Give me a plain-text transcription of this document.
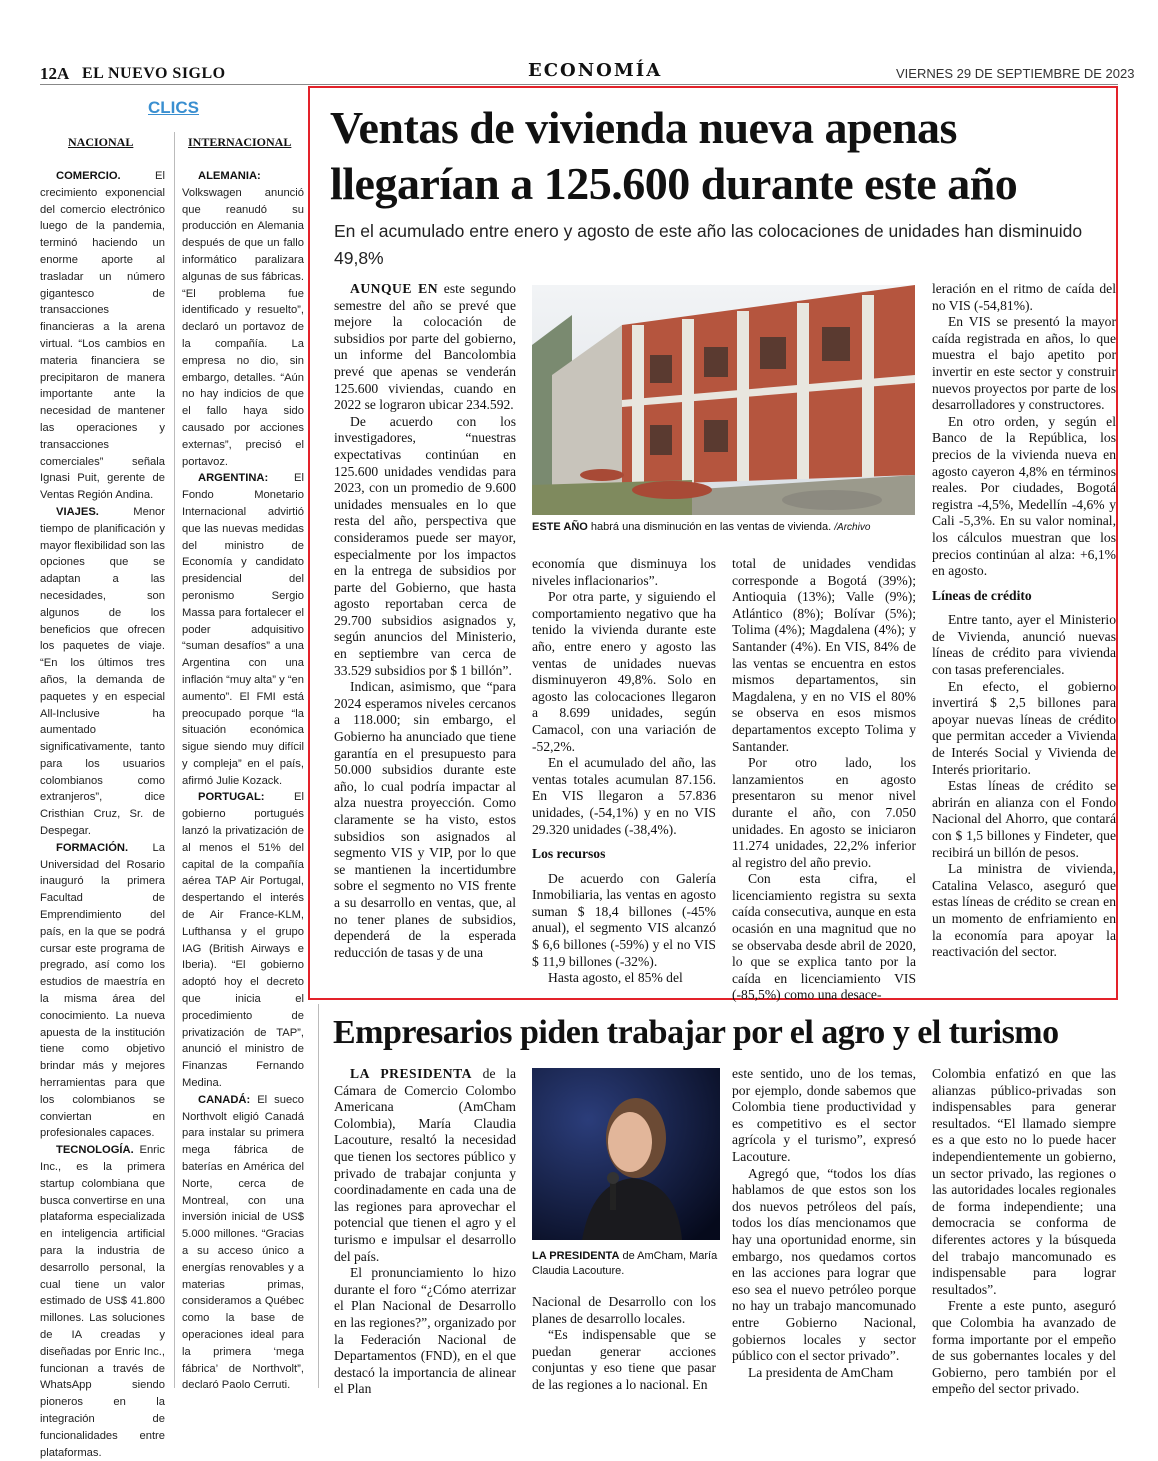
12A EL NUEVO SIGLO	ECONOMÍA	VIERNES 29 DE SEPTIEMBRE DE 2023
CLICS
NACIONAL	INTERNACIONAL
COMERCIO. El crecimiento exponencial del comercio electrónico luego de la pandemia, terminó haciendo un enorme aporte al trasladar un número gigantesco de transacciones financieras a la arena virtual. “Los cambios en materia financiera se precipitaron de manera importante ante la necesidad de mantener las operaciones y transacciones comerciales” señala Ignasi Puit, gerente de Ventas Región Andina.
VIAJES. Menor tiempo de planificación y mayor flexibilidad son las opciones que se adaptan a las necesidades, son algunos de los beneficios que ofrecen los paquetes de viaje. “En los últimos tres años, la demanda de paquetes y en especial All-Inclusive ha aumentado significativamente, tanto para los usuarios colombianos como extranjeros”, dice Cristhian Cruz, Sr. de Despegar.
FORMACIÓN. La Universidad del Rosario inauguró la primera Facultad de Emprendimiento del país, en la que se podrá cursar este programa de pregrado, así como los estudios de maestría en la misma área del conocimiento. La nueva apuesta de la institución tiene como objetivo brindar más y mejores herramientas para que los colombianos se conviertan en profesionales capaces.
TECNOLOGÍA. Enric Inc., es la primera startup colombiana que busca convertirse en una plataforma especializada en inteligencia artificial para la industria de desarrollo personal, la cual tiene un valor estimado de US$ 41.800 millones. Las soluciones de IA creadas y diseñadas por Enric Inc., funcionan a través de WhatsApp siendo pioneros en la integración de funcionalidades entre plataformas.
ALEMANIA: Volkswagen anunció que reanudó su producción en Alemania después de que un fallo informático paralizara algunas de sus fábricas. “El problema fue identificado y resuelto”, declaró un portavoz de la compañía. La empresa no dio, sin embargo, detalles. “Aún no hay indicios de que el fallo haya sido causado por acciones externas”, precisó el portavoz.
ARGENTINA: El Fondo Monetario Internacional advirtió que las nuevas medidas del ministro de Economía y candidato presidencial del peronismo Sergio Massa para fortalecer el poder adquisitivo “suman desafíos” a una Argentina con una inflación “muy alta” y “en aumento”. El FMI está preocupado porque “la situación económica sigue siendo muy difícil y compleja” en el país, afirmó Julie Kozack.
PORTUGAL: El gobierno portugués lanzó la privatización de al menos el 51% del capital de la compañía aérea TAP Air Portugal, despertando el interés de Air France-KLM, Lufthansa y el grupo IAG (British Airways e Iberia). “El gobierno adoptó hoy el decreto que inicia el procedimiento de privatización de TAP”, anunció el ministro de Finanzas Fernando Medina.
CANADÁ: El sueco Northvolt eligió Canadá para instalar su primera mega fábrica de baterías en América del Norte, cerca de Montreal, con una inversión inicial de US$ 5.000 millones. “Gracias a su acceso único a energías renovables y a materias primas, consideramos a Québec como la base de operaciones ideal para la primera ‘mega fábrica’ de Northvolt”, declaró Paolo Cerruti.
Ventas de vivienda nueva apenas llegarían a 125.600 durante este año
En el acumulado entre enero y agosto de este año las colocaciones de unidades han disminuido 49,8%

AUNQUE EN este segundo semestre del año se prevé que mejore la colocación de subsidios por parte del gobierno, un informe del Bancolombia prevé que apenas se venderán 125.600 viviendas, cuando en 2022 se lograron ubicar 234.592.

De acuerdo con los investigadores, “nuestras expectativas continúan en 125.600 unidades vendidas para 2023, con un promedio de 9.600 unidades mensuales en lo que resta del año, perspectiva que consideramos puede ser mayor, especialmente por los impactos en la entrega de subsidios por parte del Gobierno, que hasta agosto reportaban cerca de 29.700 subsidios asignados y, según anuncios del Ministerio, en septiembre van cerca de 33.529 subsidios por $ 1 billón”.

Indican, asimismo, que “para 2024 esperamos niveles cercanos a 118.000; sin embargo, el Gobierno ha anunciado que tiene garantía en el presupuesto para 50.000 subsidios durante este año, lo cual podría impactar al alza nuestra proyección. Como claramente se ha visto, estos subsidios son asignados al segmento VIS y VIP, por lo que se mantienen la incertidumbre sobre el segmento no VIS frente a su desarrollo en ventas, que, al no tener planes de subsidios, dependerá de la esperada reducción de tasas y de una

ESTE AÑO habrá una disminución en las ventas de vivienda. /Archivo

economía que disminuya los niveles inflacionarios”.

Por otra parte, y siguiendo el comportamiento negativo que ha tenido la vivienda durante este año, entre enero y agosto las ventas de unidades nuevas disminuyeron 49,8%. Solo en agosto las colocaciones llegaron a 8.699 unidades, según Camacol, con una variación de -52,2%.

En el acumulado del año, las ventas totales acumulan 87.156. En VIS llegaron a 57.836 unidades, (-54,1%) y en no VIS 29.320 unidades (-38,4%).

Los recursos

De acuerdo con Galería Inmobiliaria, las ventas en agosto suman $ 18,4 billones (-45% anual), el segmento VIS alcanzó $ 6,6 billones (-59%) y el no VIS $ 11,9 billones (-32%).

Hasta agosto, el 85% del

total de unidades vendidas corresponde a Bogotá (39%); Antioquia (13%); Valle (9%); Atlántico (8%); Bolívar (5%); Tolima (4%); Magdalena (4%); y Santander (4%). En VIS, 84% de las ventas se encuentra en estos mismos departamentos, sin Magdalena, y en no VIS el 80% se observa en esos mismos departamentos excepto Tolima y Santander.

Por otro lado, los lanzamientos en agosto presentaron su menor nivel durante el año, con 7.050 unidades. En agosto se iniciaron 11.274 unidades, 22,2% inferior al registro del año previo.

Con esta cifra, el licenciamiento registra su sexta caída consecutiva, aunque en esta ocasión en una magnitud que no se observaba desde abril de 2020, lo que se explica tanto por la caída en licenciamiento VIS (-85,5%) como una desace-

leración en el ritmo de caída del no VIS (-54,81%).

En VIS se presentó la mayor caída registrada en años, lo que muestra el bajo apetito por invertir en este sector y construir nuevos proyectos por parte de los desarrolladores y constructores.

En otro orden, y según el Banco de la República, los precios de la vivienda nueva en agosto cayeron 4,8% en términos reales. Por ciudades, Bogotá registra -4,5%, Medellín -4,6% y Cali -5,3%. En su valor nominal, los cálculos muestran que los precios continúan al alza: +6,1% en agosto.

Líneas de crédito

Entre tanto, ayer el Ministerio de Vivienda, anunció nuevas líneas de crédito para vivienda con tasas preferenciales.

En efecto, el gobierno invertirá $ 2,5 billones para apoyar nuevas líneas de crédito que permitan acceder a Vivienda de Interés Social y Vivienda de Interés prioritario.

Estas líneas de crédito se abrirán en alianza con el Fondo Nacional del Ahorro, que contará con $ 1,5 billones y Findeter, que recibirá un billón de pesos.

La ministra de vivienda, Catalina Velasco, aseguró que estas líneas de crédito se crean en un momento de enfriamiento en la economía para apoyar la reactivación del sector.

Empresarios piden trabajar por el agro y el turismo

LA PRESIDENTA de la Cámara de Comercio Colombo Americana (AmCham Colombia), María Claudia Lacouture, resaltó la necesidad que tienen los sectores público y privado de trabajar conjunta y coordinadamente en cada una de las regiones para aprovechar el potencial que tienen el agro y el turismo e impulsar el desarrollo del país.

El pronunciamiento lo hizo durante el foro “¿Cómo aterrizar el Plan Nacional de Desarrollo en las regiones?”, organizado por la Federación Nacional de Departamentos (FND), en el que destacó la importancia de alinear el Plan

LA PRESIDENTA de AmCham, María Claudia Lacouture.

Nacional de Desarrollo con los planes de desarrollo locales.

“Es indispensable que se puedan generar acciones conjuntas y eso tiene que pasar de las regiones a lo nacional. En

este sentido, uno de los temas, por ejemplo, donde sabemos que Colombia tiene productividad y es competitivo es el sector agrícola y el turismo”, expresó Lacouture.

Agregó que, “todos los días hablamos de que estos son los dos nuevos petróleos del país, todos los días mencionamos que hay una oportunidad enorme, sin embargo, nos quedamos cortos en las acciones para lograr que eso sea el nuevo petróleo porque no hay un trabajo mancomunado entre Gobierno Nacional, gobiernos locales y sector público con el sector privado”.

La presidenta de AmCham

Colombia enfatizó en que las alianzas público-privadas son indispensables para generar resultados. “El llamado siempre es a que esto no lo puede hacer independientemente un gobierno, un sector privado, las regiones o las autoridades locales regionales de forma independiente; una democracia se conforma de diferentes actores y la búsqueda del trabajo mancomunado es indispensable para lograr resultados”.

Frente a este punto, aseguró que Colombia ha avanzado de forma importante por el empeño de sus gobernantes locales y del Gobierno, pero también por el empeño del sector privado.
